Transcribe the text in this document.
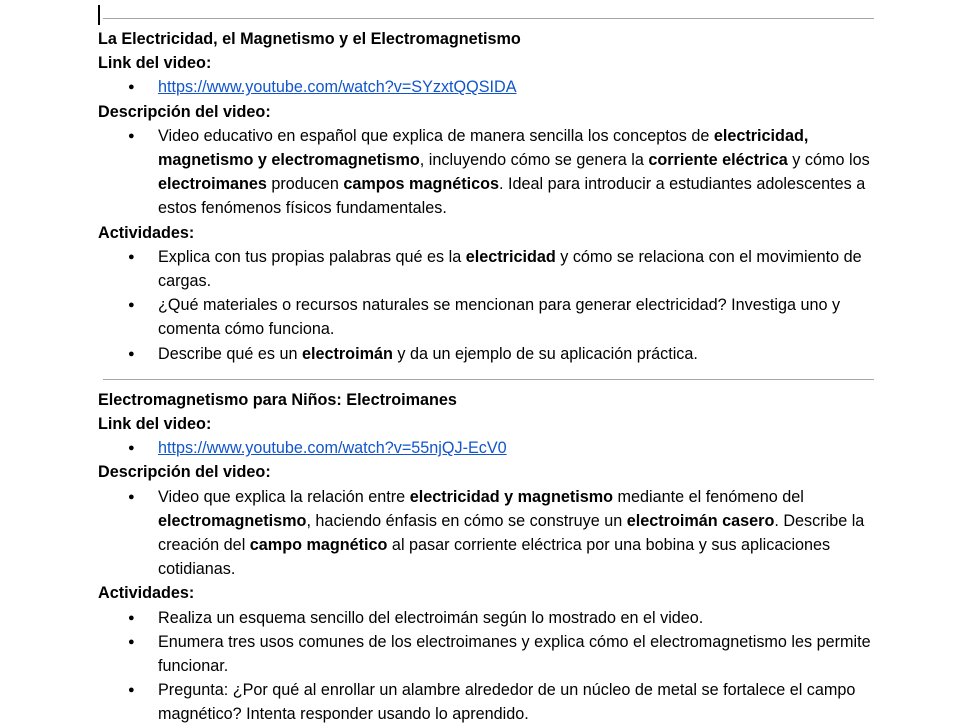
La Electricidad, el Magnetismo y el Electromagnetismo

Link del video:

● https://www.youtube.com/watch?v=SYzxtQQSIDA

Descripción del video:

● Video educativo en español que explica de manera sencilla los conceptos de electricidad, magnetismo y electromagnetismo, incluyendo cómo se genera la corriente eléctrica y cómo los electroimanes producen campos magnéticos. Ideal para introducir a estudiantes adolescentes a estos fenómenos físicos fundamentales.

Actividades:

● Explica con tus propias palabras qué es la electricidad y cómo se relaciona con el movimiento de cargas.
● ¿Qué materiales o recursos naturales se mencionan para generar electricidad? Investiga uno y comenta cómo funciona.
● Describe qué es un electroimán y da un ejemplo de su aplicación práctica.

Electromagnetismo para Niños: Electroimanes

Link del video:

● https://www.youtube.com/watch?v=55njQJ-EcV0

Descripción del video:

● Video que explica la relación entre electricidad y magnetismo mediante el fenómeno del electromagnetismo, haciendo énfasis en cómo se construye un electroimán casero. Describe la creación del campo magnético al pasar corriente eléctrica por una bobina y sus aplicaciones cotidianas.

Actividades:

● Realiza un esquema sencillo del electroimán según lo mostrado en el video.
● Enumera tres usos comunes de los electroimanes y explica cómo el electromagnetismo les permite funcionar.
● Pregunta: ¿Por qué al enrollar un alambre alrededor de un núcleo de metal se fortalece el campo magnético? Intenta responder usando lo aprendido.
